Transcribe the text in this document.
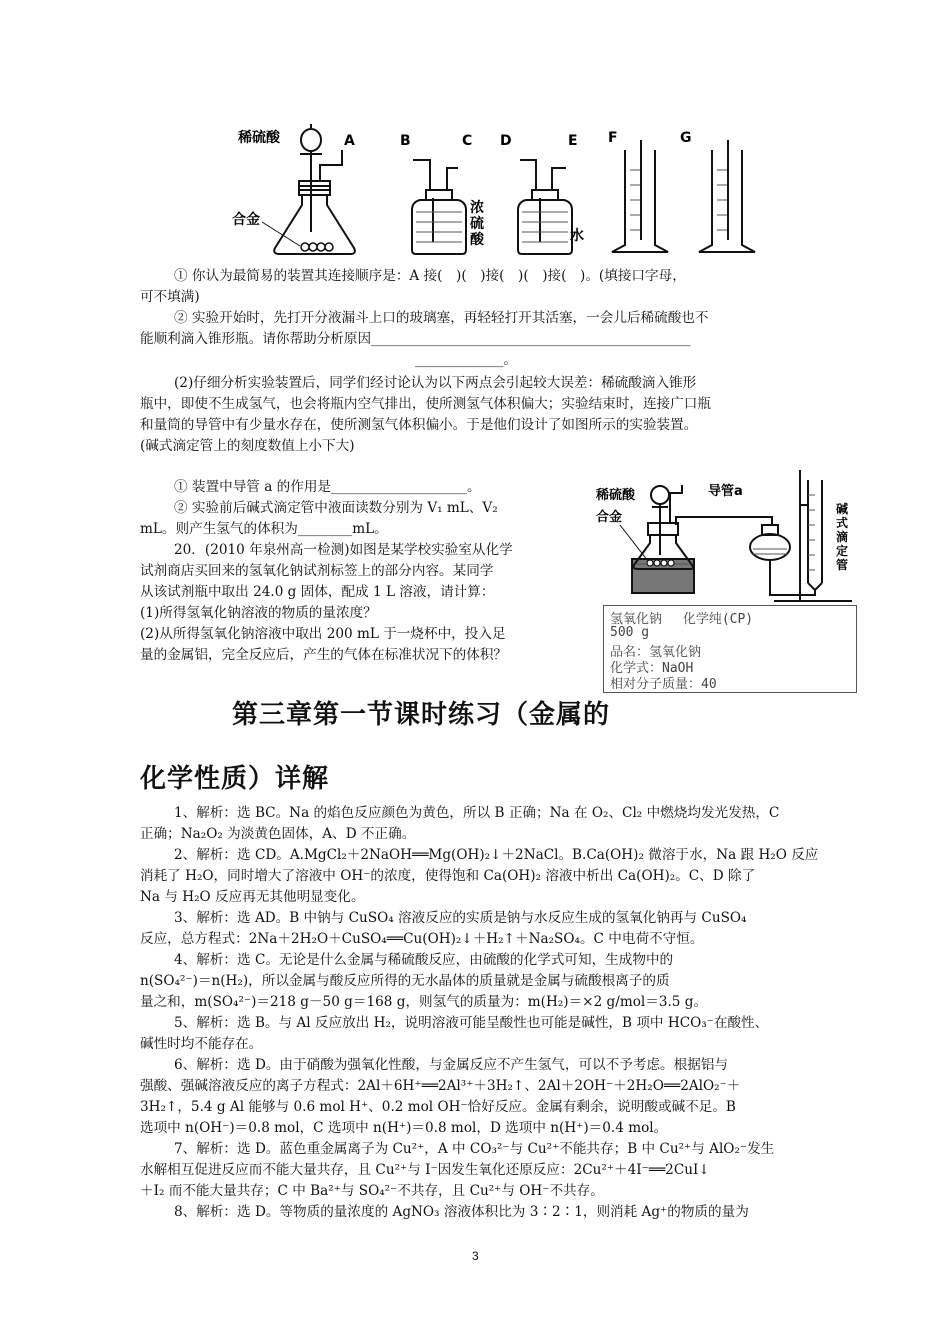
稀硫酸
合金
A	B	C D	E F	G
浓
硫
酸	水
① 你认为最简易的装置其连接顺序是：A 接(　)(　)接(　)(　)接(　)。(填接口字母，
可不填满)
② 实验开始时，先打开分液漏斗上口的玻璃塞，再轻轻打开其活塞，一会儿后稀硫酸也不
能顺利滴入锥形瓶。请你帮助分析原因_______________________________________________
_____________。
(2)仔细分析实验装置后，同学们经讨论认为以下两点会引起较大误差：稀硫酸滴入锥形
瓶中，即使不生成氢气，也会将瓶内空气排出，使所测氢气体积偏大；实验结束时，连接广口瓶
和量筒的导管中有少量水存在，使所测氢气体积偏小。于是他们设计了如图所示的实验装置。
(碱式滴定管上的刻度数值上小下大)
① 装置中导管 a 的作用是____________________。
② 实验前后碱式滴定管中液面读数分别为 V₁ mL、V₂
mL。则产生氢气的体积为________mL。
20．(2010 年泉州高一检测)如图是某学校实验室从化学
试剂商店买回来的氢氧化钠试剂标签上的部分内容。某同学
从该试剂瓶中取出 24.0 g 固体，配成 1 L 溶液，请计算：
(1)所得氢氧化钠溶液的物质的量浓度？
(2)从所得氢氧化钠溶液中取出 200 mL 于一烧杯中，投入足
量的金属铝，完全反应后，产生的气体在标准状况下的体积？
稀硫酸	导管a
合金
碱
式
滴
定
管
氢氧化钠　 化学纯(CP)
500 g
品名：氢氧化钠
化学式：NaOH
相对分子质量：40
第三章第一节课时练习（金属的
化学性质）详解
1、解析：选 BC。Na 的焰色反应颜色为黄色，所以 B 正确；Na 在 O₂、Cl₂ 中燃烧均发光发热，C
正确；Na₂O₂ 为淡黄色固体，A、D 不正确。
2、解析：选 CD。A.MgCl₂＋2NaOH══Mg(OH)₂↓＋2NaCl。B.Ca(OH)₂ 微溶于水，Na 跟 H₂O 反应
消耗了 H₂O，同时增大了溶液中 OH⁻的浓度，使得饱和 Ca(OH)₂ 溶液中析出 Ca(OH)₂。C、D 除了
Na 与 H₂O 反应再无其他明显变化。
3、解析：选 AD。B 中钠与 CuSO₄ 溶液反应的实质是钠与水反应生成的氢氧化钠再与 CuSO₄
反应，总方程式：2Na＋2H₂O＋CuSO₄══Cu(OH)₂↓＋H₂↑＋Na₂SO₄。C 中电荷不守恒。
4、解析：选 C。无论是什么金属与稀硫酸反应，由硫酸的化学式可知，生成物中的
n(SO₄²⁻)＝n(H₂)，所以金属与酸反应所得的无水晶体的质量就是金属与硫酸根离子的质
量之和，m(SO₄²⁻)＝218 g－50 g＝168 g，则氢气的质量为：m(H₂)＝×2 g/mol＝3.5 g。
5、解析：选 B。与 Al 反应放出 H₂，说明溶液可能呈酸性也可能是碱性，B 项中 HCO₃⁻在酸性、
碱性时均不能存在。
6、解析：选 D。由于硝酸为强氧化性酸，与金属反应不产生氢气，可以不予考虑。根据铝与
强酸、强碱溶液反应的离子方程式：2Al＋6H⁺══2Al³⁺＋3H₂↑、2Al＋2OH⁻＋2H₂O══2AlO₂⁻＋
3H₂↑，5.4 g Al 能够与 0.6 mol H⁺、0.2 mol OH⁻恰好反应。金属有剩余，说明酸或碱不足。B
选项中 n(OH⁻)＝0.8 mol，C 选项中 n(H⁺)＝0.8 mol，D 选项中 n(H⁺)＝0.4 mol。
7、解析：选 D。蓝色重金属离子为 Cu²⁺，A 中 CO₃²⁻与 Cu²⁺不能共存；B 中 Cu²⁺与 AlO₂⁻发生
水解相互促进反应而不能大量共存，且 Cu²⁺与 I⁻因发生氧化还原反应：2Cu²⁺＋4I⁻══2CuI↓
＋I₂ 而不能大量共存；C 中 Ba²⁺与 SO₄²⁻不共存，且 Cu²⁺与 OH⁻不共存。
8、解析：选 D。等物质的量浓度的 AgNO₃ 溶液体积比为 3∶2∶1，则消耗 Ag⁺的物质的量为
3
